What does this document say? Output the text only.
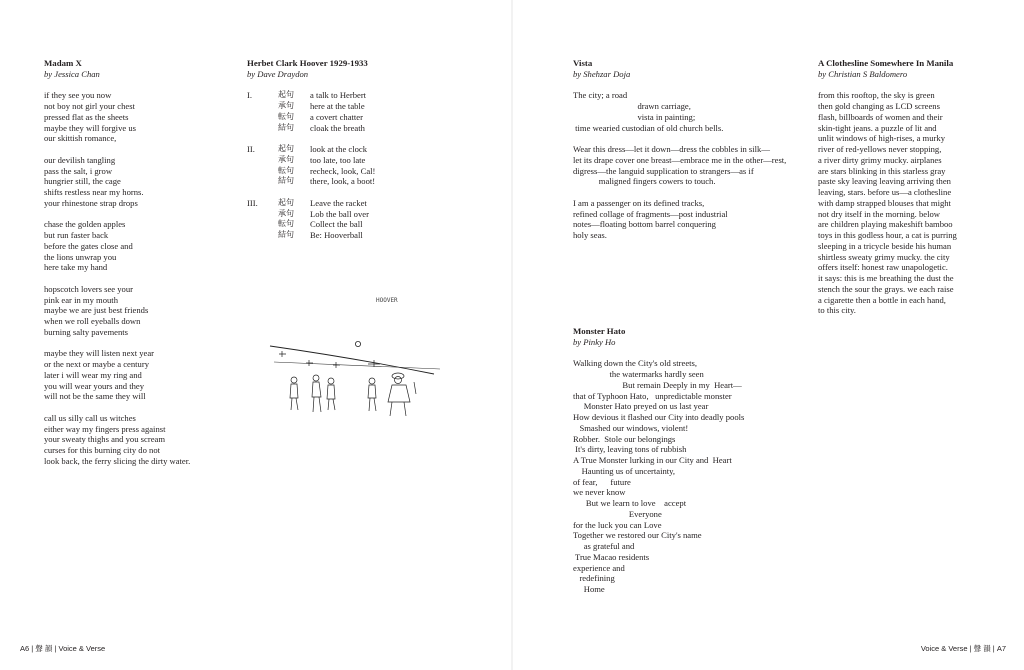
Madam X
by Jessica Chan
if they see you now
not boy not girl your chest
pressed flat as the sheets
maybe they will forgive us
our skittish romance,
our devilish tangling
pass the salt, i grow
hungrier still, the cage
shifts restless near my horns.
your rhinestone strap drops
chase the golden apples
but run faster back
before the gates close and
the lions unwrap you
here take my hand
hopscotch lovers see your
pink ear in my mouth
maybe we are just best friends
when we roll eyeballs down
burning salty pavements
maybe they will listen next year
or the next or maybe a century
later i will wear my ring and
you will wear yours and they
will not be the same they will
call us silly call us witches
either way my fingers press against
your sweaty thighs and you scream
curses for this burning city do not
look back, the ferry slicing the dirty water.
Herbet Clark Hoover 1929-1933
by Dave Draydon
I.	起句	a talk to Herbert
承句	here at the table
転句	a covert chatter
結句	cloak the breath
II.	起句	look at the clock
承句	too late, too late
転句	recheck, look, Cal!
結句	there, look, a boot!
III.	起句	Leave the racket
承句	Lob the ball over
転句	Collect the ball
結句	Be: Hooverball
HOOVER
Vista
by Shehzar Doja
The city; a road
drawn carriage,
vista in painting;
time wearied custodian of old church bells.
Wear this dress—let it down—dress the cobbles in silk—
let its drape cover one breast—embrace me in the other—rest,
digress—the languid supplication to strangers—as if
maligned fingers cowers to touch.
I am a passenger on its defined tracks,
refined collage of fragments—post industrial
notes—floating bottom barrel conquering
holy seas.
Monster Hato
by Pinky Ho
Walking down the City's old streets,
the watermarks hardly seen
But remain Deeply in my  Heart—
that of Typhoon Hato,   unpredictable monster
Monster Hato preyed on us last year
How devious it flashed our City into deadly pools
Smashed our windows, violent!
Robber.  Stole our belongings
It's dirty, leaving tons of rubbish
A True Monster lurking in our City and  Heart
Haunting us of uncertainty,
of fear,      future
we never know
But we learn to love    accept
Everyone
for the luck you can Love
Together we restored our City's name
as grateful and
True Macao residents
experience and
redefining
Home
A Clothesline Somewhere In Manila
by Christian S Baldomero
from this rooftop, the sky is green
then gold changing as LCD screens
flash, billboards of women and their
skin-tight jeans. a puzzle of lit and
unlit windows of high-rises, a murky
river of red-yellows never stopping,
a river dirty grimy mucky. airplanes
are stars blinking in this starless gray
paste sky leaving leaving arriving then
leaving, stars. before us—a clothesline
with damp strapped blouses that might
not dry itself in the morning. below
are children playing makeshift bamboo
toys in this godless hour, a cat is purring
sleeping in a tricycle beside his human
shirtless sweaty grimy mucky. the city
offers itself: honest raw unapologetic.
it says: this is me breathing the dust the
stench the sour the grays. we each raise
a cigarette then a bottle in each hand,
to this city.
A6 | 聲 韻 | Voice & Verse	Voice & Verse | 聲 韻 | A7
